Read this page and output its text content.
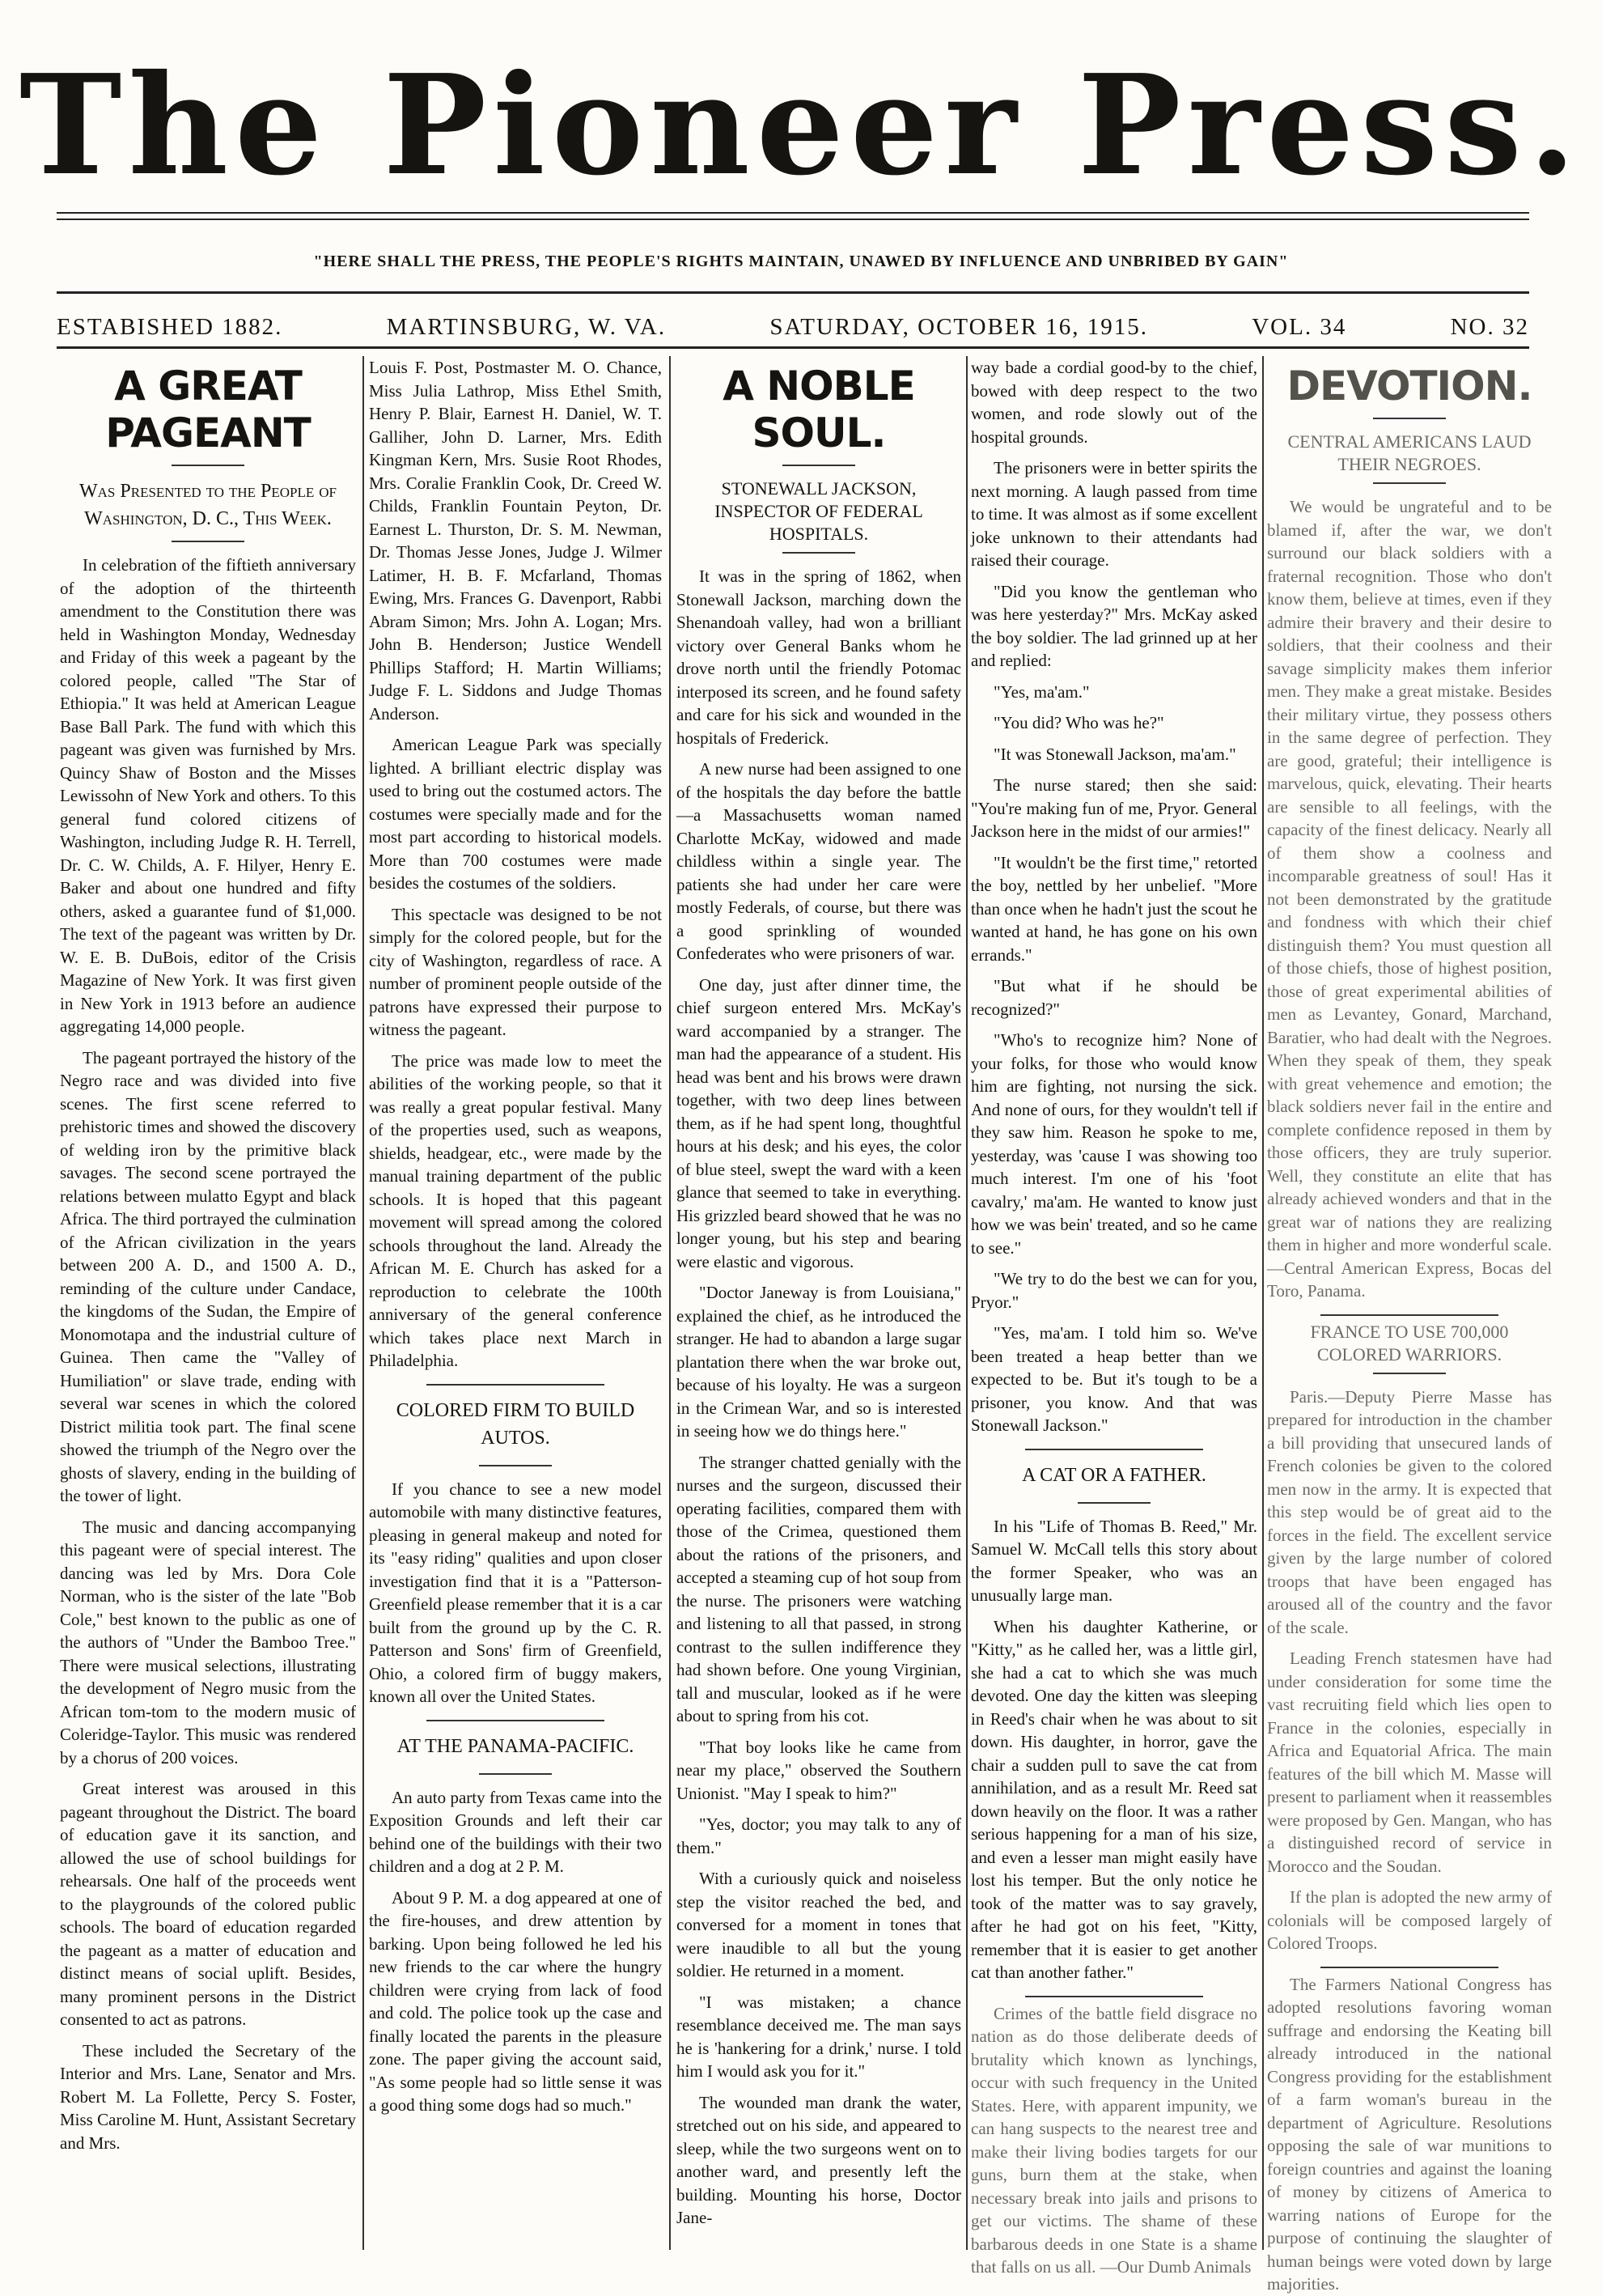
The Pioneer Press.
"HERE SHALL THE PRESS, THE PEOPLE'S RIGHTS MAINTAIN, UNAWED BY INFLUENCE AND UNBRIBED BY GAIN"
ESTABISHED 1882.	MARTINSBURG, W. VA.	SATURDAY, OCTOBER 16, 1915.	VOL. 34	NO. 32
A GREAT PAGEANT
Was Presented to the People of Washington, D. C., This Week.

In celebration of the fiftieth anniversary of the adoption of the thirteenth amendment to the Constitution there was held in Washington Monday, Wednesday and Friday of this week a pageant by the colored people, called "The Star of Ethiopia." It was held at American League Base Ball Park. The fund with which this pageant was given was furnished by Mrs. Quincy Shaw of Boston and the Misses Lewissohn of New York and others. To this general fund colored citizens of Washington, including Judge R. H. Terrell, Dr. C. W. Childs, A. F. Hilyer, Henry E. Baker and about one hundred and fifty others, asked a guarantee fund of $1,000. The text of the pageant was written by Dr. W. E. B. DuBois, editor of the Crisis Magazine of New York. It was first given in New York in 1913 before an audience aggregating 14,000 people.

The pageant portrayed the history of the Negro race and was divided into five scenes. The first scene referred to prehistoric times and showed the discovery of welding iron by the primitive black savages. The second scene portrayed the relations between mulatto Egypt and black Africa. The third portrayed the culmination of the African civilization in the years between 200 A. D., and 1500 A. D., reminding of the culture under Candace, the kingdoms of the Sudan, the Empire of Monomotapa and the industrial culture of Guinea. Then came the "Valley of Humiliation" or slave trade, ending with several war scenes in which the colored District militia took part. The final scene showed the triumph of the Negro over the ghosts of slavery, ending in the building of the tower of light.

The music and dancing accompanying this pageant were of special interest. The dancing was led by Mrs. Dora Cole Norman, who is the sister of the late "Bob Cole," best known to the public as one of the authors of "Under the Bamboo Tree." There were musical selections, illustrating the development of Negro music from the African tom-tom to the modern music of Coleridge-Taylor. This music was rendered by a chorus of 200 voices.

Great interest was aroused in this pageant throughout the District. The board of education gave it its sanction, and allowed the use of school buildings for rehearsals. One half of the proceeds went to the playgrounds of the colored public schools. The board of education regarded the pageant as a matter of education and distinct means of social uplift. Besides, many prominent persons in the District consented to act as patrons.

These included the Secretary of the Interior and Mrs. Lane, Senator and Mrs. Robert M. La Follette, Percy S. Foster, Miss Caroline M. Hunt, Assistant Secretary and Mrs.

Louis F. Post, Postmaster M. O. Chance, Miss Julia Lathrop, Miss Ethel Smith, Henry P. Blair, Earnest H. Daniel, W. T. Galliher, John D. Larner, Mrs. Edith Kingman Kern, Mrs. Susie Root Rhodes, Mrs. Coralie Franklin Cook, Dr. Creed W. Childs, Franklin Fountain Peyton, Dr. Earnest L. Thurston, Dr. S. M. Newman, Dr. Thomas Jesse Jones, Judge J. Wilmer Latimer, H. B. F. Mcfarland, Thomas Ewing, Mrs. Frances G. Davenport, Rabbi Abram Simon; Mrs. John A. Logan; Mrs. John B. Henderson; Justice Wendell Phillips Stafford; H. Martin Williams; Judge F. L. Siddons and Judge Thomas Anderson.

American League Park was specially lighted. A brilliant electric display was used to bring out the costumed actors. The costumes were specially made and for the most part according to historical models. More than 700 costumes were made besides the costumes of the soldiers.

This spectacle was designed to be not simply for the colored people, but for the city of Washington, regardless of race. A number of prominent people outside of the patrons have expressed their purpose to witness the pageant.

The price was made low to meet the abilities of the working people, so that it was really a great popular festival. Many of the properties used, such as weapons, shields, headgear, etc., were made by the manual training department of the public schools. It is hoped that this pageant movement will spread among the colored schools throughout the land. Already the African M. E. Church has asked for a reproduction to celebrate the 100th anniversary of the general conference which takes place next March in Philadelphia.

COLORED FIRM TO BUILD AUTOS.

If you chance to see a new model automobile with many distinctive features, pleasing in general makeup and noted for its "easy riding" qualities and upon closer investigation find that it is a "Patterson-Greenfield please remember that it is a car built from the ground up by the C. R. Patterson and Sons' firm of Greenfield, Ohio, a colored firm of buggy makers, known all over the United States.

AT THE PANAMA-PACIFIC.

An auto party from Texas came into the Exposition Grounds and left their car behind one of the buildings with their two children and a dog at 2 P. M.

About 9 P. M. a dog appeared at one of the fire-houses, and drew attention by barking. Upon being followed he led his new friends to the car where the hungry children were crying from lack of food and cold. The police took up the case and finally located the parents in the pleasure zone. The paper giving the account said, "As some people had so little sense it was a good thing some dogs had so much."

A NOBLE SOUL.
STONEWALL JACKSON, INSPECTOR OF FEDERAL HOSPITALS.

It was in the spring of 1862, when Stonewall Jackson, marching down the Shenandoah valley, had won a brilliant victory over General Banks whom he drove north until the friendly Potomac interposed its screen, and he found safety and care for his sick and wounded in the hospitals of Frederick.

A new nurse had been assigned to one of the hospitals the day before the battle—a Massachusetts woman named Charlotte McKay, widowed and made childless within a single year. The patients she had under her care were mostly Federals, of course, but there was a good sprinkling of wounded Confederates who were prisoners of war.

One day, just after dinner time, the chief surgeon entered Mrs. McKay's ward accompanied by a stranger. The man had the appearance of a student. His head was bent and his brows were drawn together, with two deep lines between them, as if he had spent long, thoughtful hours at his desk; and his eyes, the color of blue steel, swept the ward with a keen glance that seemed to take in everything. His grizzled beard showed that he was no longer young, but his step and bearing were elastic and vigorous.

"Doctor Janeway is from Louisiana," explained the chief, as he introduced the stranger. He had to abandon a large sugar plantation there when the war broke out, because of his loyalty. He was a surgeon in the Crimean War, and so is interested in seeing how we do things here."

The stranger chatted genially with the nurses and the surgeon, discussed their operating facilities, compared them with those of the Crimea, questioned them about the rations of the prisoners, and accepted a steaming cup of hot soup from the nurse. The prisoners were watching and listening to all that passed, in strong contrast to the sullen indifference they had shown before. One young Virginian, tall and muscular, looked as if he were about to spring from his cot.

"That boy looks like he came from near my place," observed the Southern Unionist. "May I speak to him?"

"Yes, doctor; you may talk to any of them."

With a curiously quick and noiseless step the visitor reached the bed, and conversed for a moment in tones that were inaudible to all but the young soldier. He returned in a moment.

"I was mistaken; a chance resemblance deceived me. The man says he is 'hankering for a drink,' nurse. I told him I would ask you for it."

The wounded man drank the water, stretched out on his side, and appeared to sleep, while the two surgeons went on to another ward, and presently left the building. Mounting his horse, Doctor Jane-

way bade a cordial good-by to the chief, bowed with deep respect to the two women, and rode slowly out of the hospital grounds.

The prisoners were in better spirits the next morning. A laugh passed from time to time. It was almost as if some excellent joke unknown to their attendants had raised their courage.

"Did you know the gentleman who was here yesterday?" Mrs. McKay asked the boy soldier. The lad grinned up at her and replied:

"Yes, ma'am."

"You did? Who was he?"

"It was Stonewall Jackson, ma'am."

The nurse stared; then she said: "You're making fun of me, Pryor. General Jackson here in the midst of our armies!"

"It wouldn't be the first time," retorted the boy, nettled by her unbelief. "More than once when he hadn't just the scout he wanted at hand, he has gone on his own errands."

"But what if he should be recognized?"

"Who's to recognize him? None of your folks, for those who would know him are fighting, not nursing the sick. And none of ours, for they wouldn't tell if they saw him. Reason he spoke to me, yesterday, was 'cause I was showing too much interest. I'm one of his 'foot cavalry,' ma'am. He wanted to know just how we was bein' treated, and so he came to see."

"We try to do the best we can for you, Pryor."

"Yes, ma'am. I told him so. We've been treated a heap better than we expected to be. But it's tough to be a prisoner, you know. And that was Stonewall Jackson."

A CAT OR A FATHER.

In his "Life of Thomas B. Reed," Mr. Samuel W. McCall tells this story about the former Speaker, who was an unusually large man.

When his daughter Katherine, or "Kitty," as he called her, was a little girl, she had a cat to which she was much devoted. One day the kitten was sleeping in Reed's chair when he was about to sit down. His daughter, in horror, gave the chair a sudden pull to save the cat from annihilation, and as a result Mr. Reed sat down heavily on the floor. It was a rather serious happening for a man of his size, and even a lesser man might easily have lost his temper. But the only notice he took of the matter was to say gravely, after he had got on his feet, "Kitty, remember that it is easier to get another cat than another father."

Crimes of the battle field disgrace no nation as do those deliberate deeds of brutality which known as lynchings, occur with such frequency in the United States. Here, with apparent impunity, we can hang suspects to the nearest tree and make their living bodies targets for our guns, burn them at the stake, when necessary break into jails and prisons to get our victims. The shame of these barbarous deeds in one State is a shame that falls on us all. —Our Dumb Animals

DEVOTION.
CENTRAL AMERICANS LAUD THEIR NEGROES.

We would be ungrateful and to be blamed if, after the war, we don't surround our black soldiers with a fraternal recognition. Those who don't know them, believe at times, even if they admire their bravery and their desire to soldiers, that their coolness and their savage simplicity makes them inferior men. They make a great mistake. Besides their military virtue, they possess others in the same degree of perfection. They are good, grateful; their intelligence is marvelous, quick, elevating. Their hearts are sensible to all feelings, with the capacity of the finest delicacy. Nearly all of them show a coolness and incomparable greatness of soul! Has it not been demonstrated by the gratitude and fondness with which their chief distinguish them? You must question all of those chiefs, those of highest position, those of great experimental abilities of men as Levantey, Gonard, Marchand, Baratier, who had dealt with the Negroes. When they speak of them, they speak with great vehemence and emotion; the black soldiers never fail in the entire and complete confidence reposed in them by those officers, they are truly superior. Well, they constitute an elite that has already achieved wonders and that in the great war of nations they are realizing them in higher and more wonderful scale. —Central American Express, Bocas del Toro, Panama.

FRANCE TO USE 700,000 COLORED WARRIORS.

Paris.—Deputy Pierre Masse has prepared for introduction in the chamber a bill providing that unsecured lands of French colonies be given to the colored men now in the army. It is expected that this step would be of great aid to the forces in the field. The excellent service given by the large number of colored troops that have been engaged has aroused all of the country and the favor of the scale.

Leading French statesmen have had under consideration for some time the vast recruiting field which lies open to France in the colonies, especially in Africa and Equatorial Africa. The main features of the bill which M. Masse will present to parliament when it reassembles were proposed by Gen. Mangan, who has a distinguished record of service in Morocco and the Soudan.

If the plan is adopted the new army of colonials will be composed largely of Colored Troops.

The Farmers National Congress has adopted resolutions favoring woman suffrage and endorsing the Keating bill already introduced in the national Congress providing for the establishment of a farm woman's bureau in the department of Agriculture. Resolutions opposing the sale of war munitions to foreign countries and against the loaning of money by citizens of America to warring nations of Europe for the purpose of continuing the slaughter of human beings were voted down by large majorities.
